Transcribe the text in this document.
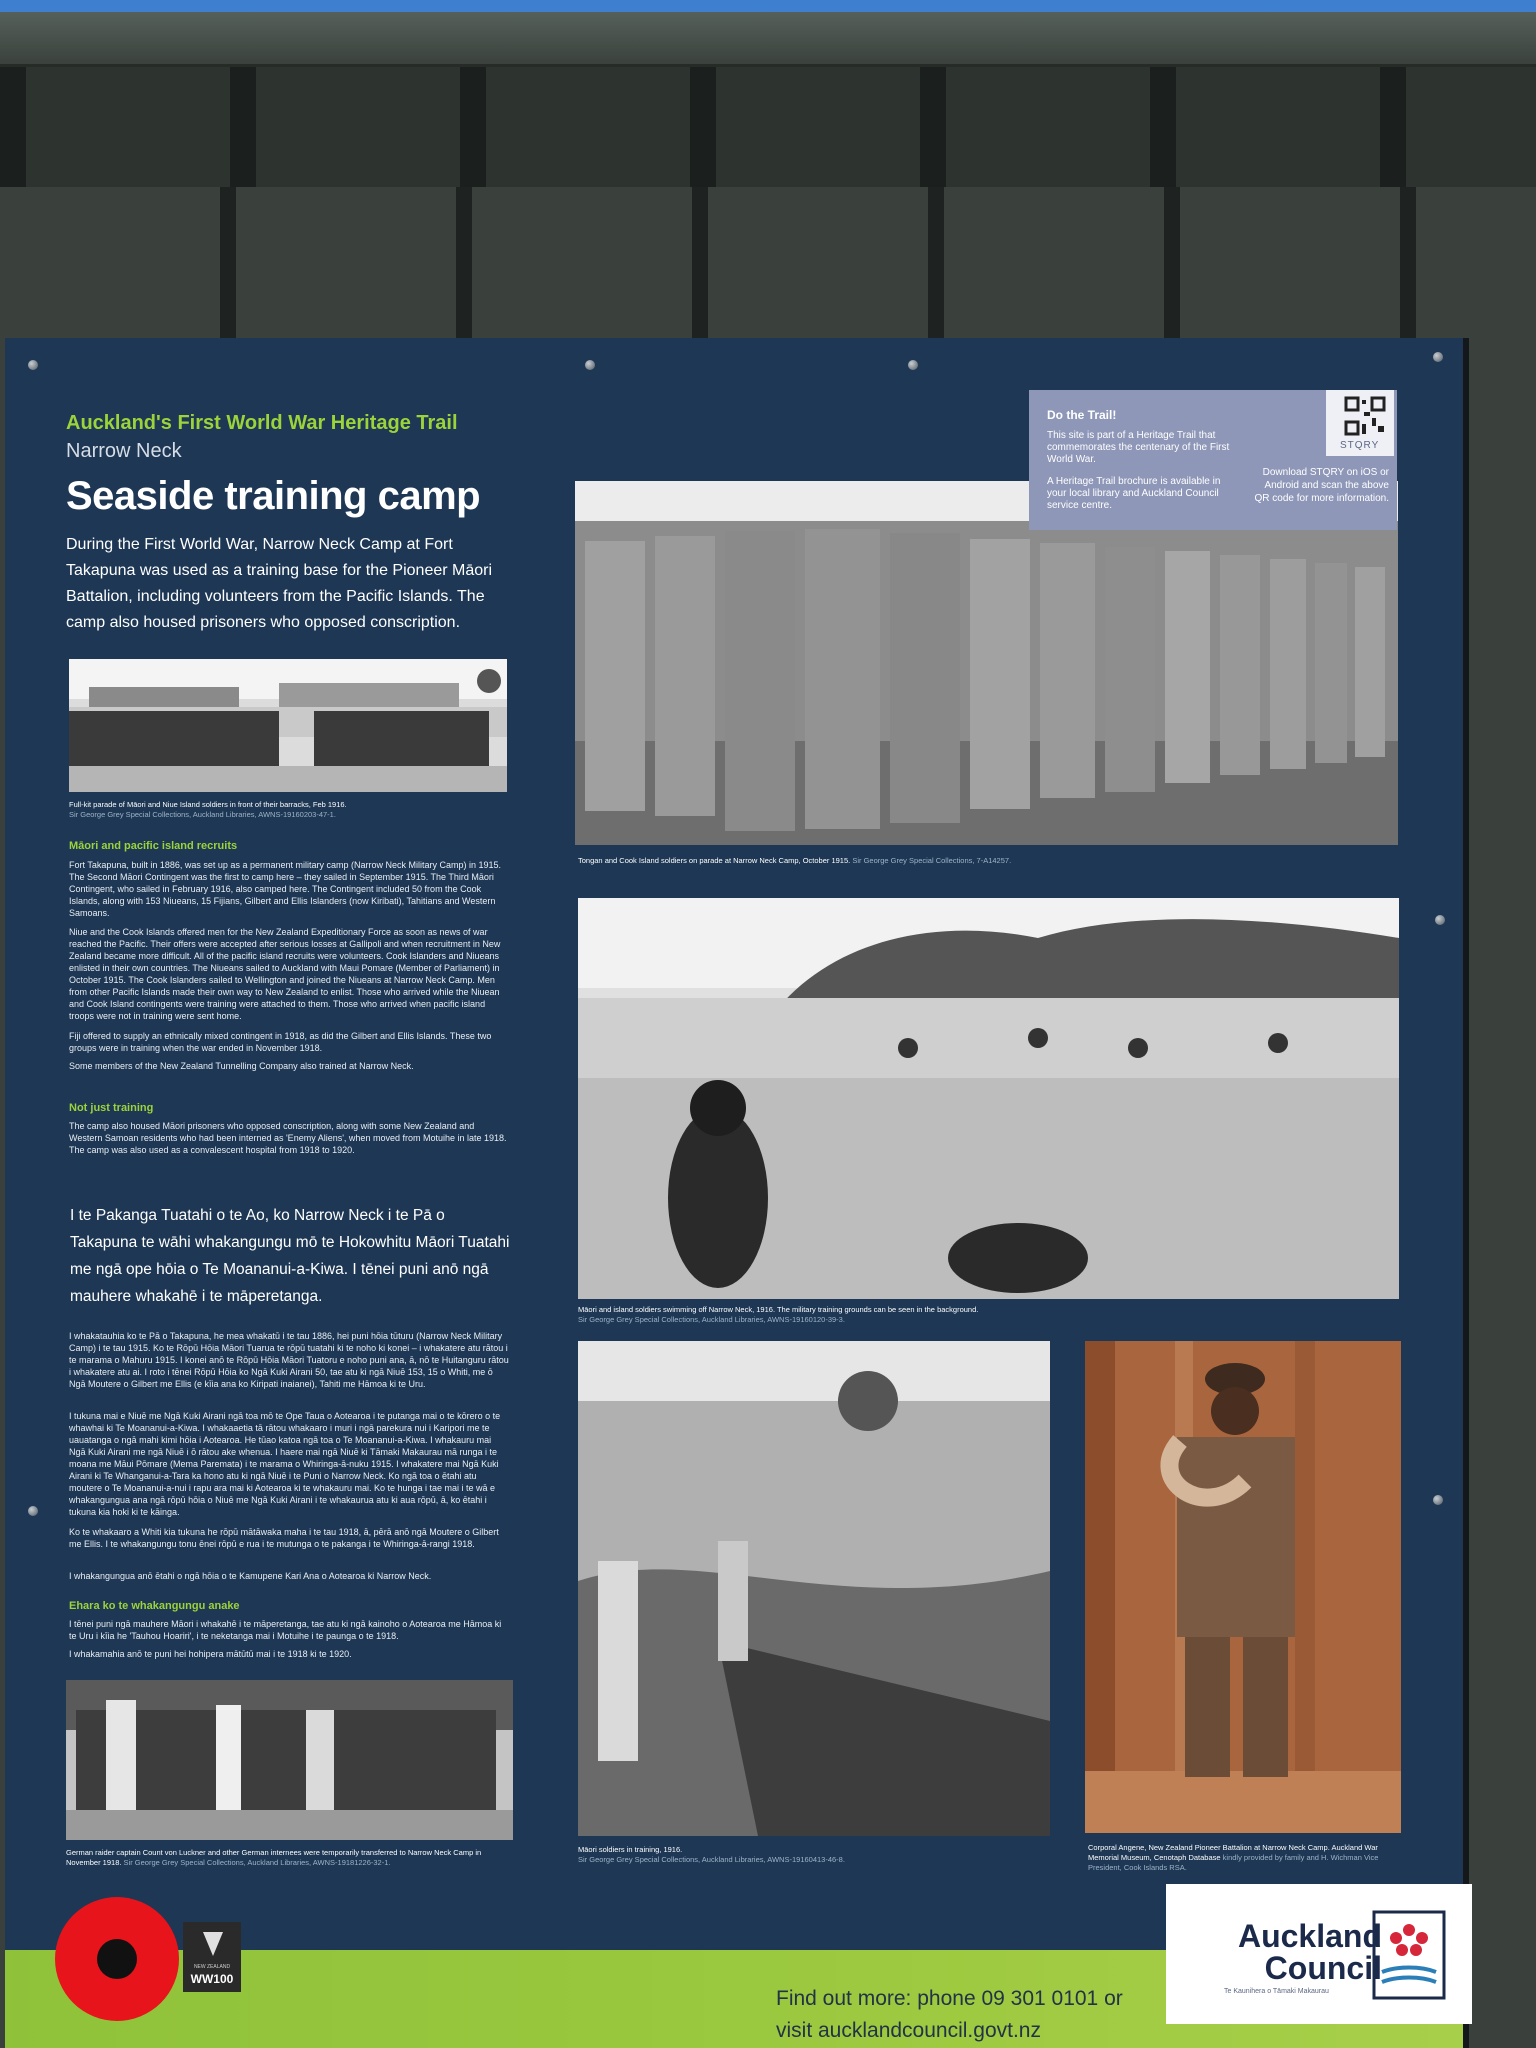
Auckland's First World War Heritage Trail
Narrow Neck
Seaside training camp
During the First World War, Narrow Neck Camp at Fort Takapuna was used as a training base for the Pioneer Māori Battalion, including volunteers from the Pacific Islands. The camp also housed prisoners who opposed conscription.
Full-kit parade of Māori and Niue Island soldiers in front of their barracks, Feb 1916.
Sir George Grey Special Collections, Auckland Libraries, AWNS-19160203-47-1.
Māori and pacific island recruits
Fort Takapuna, built in 1886, was set up as a permanent military camp (Narrow Neck Military Camp) in 1915. The Second Māori Contingent was the first to camp here – they sailed in September 1915. The Third Māori Contingent, who sailed in February 1916, also camped here. The Contingent included 50 from the Cook Islands, along with 153 Niueans, 15 Fijians, Gilbert and Ellis Islanders (now Kiribati), Tahitians and Western Samoans.
Niue and the Cook Islands offered men for the New Zealand Expeditionary Force as soon as news of war reached the Pacific. Their offers were accepted after serious losses at Gallipoli and when recruitment in New Zealand became more difficult. All of the pacific island recruits were volunteers. Cook Islanders and Niueans enlisted in their own countries. The Niueans sailed to Auckland with Maui Pomare (Member of Parliament) in October 1915. The Cook Islanders sailed to Wellington and joined the Niueans at Narrow Neck Camp. Men from other Pacific Islands made their own way to New Zealand to enlist. Those who arrived while the Niuean and Cook Island contingents were training were attached to them. Those who arrived when pacific island troops were not in training were sent home.
Fiji offered to supply an ethnically mixed contingent in 1918, as did the Gilbert and Ellis Islands. These two groups were in training when the war ended in November 1918.
Some members of the New Zealand Tunnelling Company also trained at Narrow Neck.
Not just training
The camp also housed Māori prisoners who opposed conscription, along with some New Zealand and Western Samoan residents who had been interned as 'Enemy Aliens', when moved from Motuihe in late 1918. The camp was also used as a convalescent hospital from 1918 to 1920.
I te Pakanga Tuatahi o te Ao, ko Narrow Neck i te Pā o Takapuna te wāhi whakangungu mō te Hokowhitu Māori Tuatahi me ngā ope hōia o Te Moananui-a-Kiwa. I tēnei puni anō ngā mauhere whakahē i te māperetanga.
I whakatauhia ko te Pā o Takapuna, he mea whakatū i te tau 1886, hei puni hōia tūturu (Narrow Neck Military Camp) i te tau 1915. Ko te Rōpū Hōia Māori Tuarua te rōpū tuatahi ki te noho ki konei – i whakatere atu rātou i te marama o Mahuru 1915. I konei anō te Rōpū Hōia Māori Tuatoru e noho puni ana, ā, nō te Huitanguru rātou i whakatere atu ai. I roto i tēnei Rōpū Hōia ko Ngā Kuki Airani 50, tae atu ki ngā Niuē 153, 15 o Whiti, me ō Ngā Moutere o Gilbert me Ellis (e kīia ana ko Kiripati inaianei), Tahiti me Hāmoa ki te Uru.
I tukuna mai e Niuē me Ngā Kuki Airani ngā toa mō te Ope Taua o Aotearoa i te putanga mai o te kōrero o te whawhai ki Te Moananui-a-Kiwa. I whakaaetia tā rātou whakaaro i muri i ngā parekura nui i Karipori me te uauatanga o ngā mahi kimi hōia i Aotearoa. He tūao katoa ngā toa o Te Moananui-a-Kiwa. I whakauru mai Ngā Kuki Airani me ngā Niuē i ō rātou ake whenua. I haere mai ngā Niuē ki Tāmaki Makaurau mā runga i te moana me Māui Pōmare (Mema Paremata) i te marama o Whiringa-ā-nuku 1915. I whakatere mai Ngā Kuki Airani ki Te Whanganui-a-Tara ka hono atu ki ngā Niuē i te Puni o Narrow Neck. Ko ngā toa o ētahi atu moutere o Te Moananui-a-nui i rapu ara mai ki Aotearoa ki te whakauru mai. Ko te hunga i tae mai i te wā e whakangungua ana ngā rōpū hōia o Niuē me Ngā Kuki Airani i te whakaurua atu ki aua rōpū, ā, ko ētahi i tukuna kia hoki ki te kāinga.
Ko te whakaaro a Whiti kia tukuna he rōpū mātāwaka maha i te tau 1918, ā, pērā anō ngā Moutere o Gilbert me Ellis. I te whakangungu tonu ēnei rōpū e rua i te mutunga o te pakanga i te Whiringa-ā-rangi 1918.
I whakangungua anō ētahi o ngā hōia o te Kamupene Kari Ana o Aotearoa ki Narrow Neck.
Ehara ko te whakangungu anake
I tēnei puni ngā mauhere Māori i whakahē i te māperetanga, tae atu ki ngā kainoho o Aotearoa me Hāmoa ki te Uru i kīia he 'Tauhou Hoariri', i te neketanga mai i Motuihe i te paunga o te 1918.
I whakamahia anō te puni hei hohipera mātūtū mai i te 1918 ki te 1920.
German raider captain Count von Luckner and other German internees were temporarily transferred to Narrow Neck Camp in November 1918. Sir George Grey Special Collections, Auckland Libraries, AWNS-19181226-32-1.
Tongan and Cook Island soldiers on parade at Narrow Neck Camp, October 1915. Sir George Grey Special Collections, 7-A14257.
Do the Trail!
This site is part of a Heritage Trail that commemorates the centenary of the First World War.
A Heritage Trail brochure is available in your local library and Auckland Council service centre.
Download STQRY on iOS or Android and scan the above QR code for more information.
STQRY
Māori and island soldiers swimming off Narrow Neck, 1916. The military training grounds can be seen in the background.
Sir George Grey Special Collections, Auckland Libraries, AWNS-19160120-39-3.
Māori soldiers in training, 1916.
Sir George Grey Special Collections, Auckland Libraries, AWNS-19160413-46-8.
Corporal Angene, New Zealand Pioneer Battalion at Narrow Neck Camp. Auckland War Memorial Museum, Cenotaph Database kindly provided by family and H. Wichman Vice President, Cook Islands RSA.
Find out more: phone 09 301 0101 or
visit aucklandcouncil.govt.nz
NEW ZEALAND
WW100
Auckland
Council
Te Kaunihera o Tāmaki Makaurau
